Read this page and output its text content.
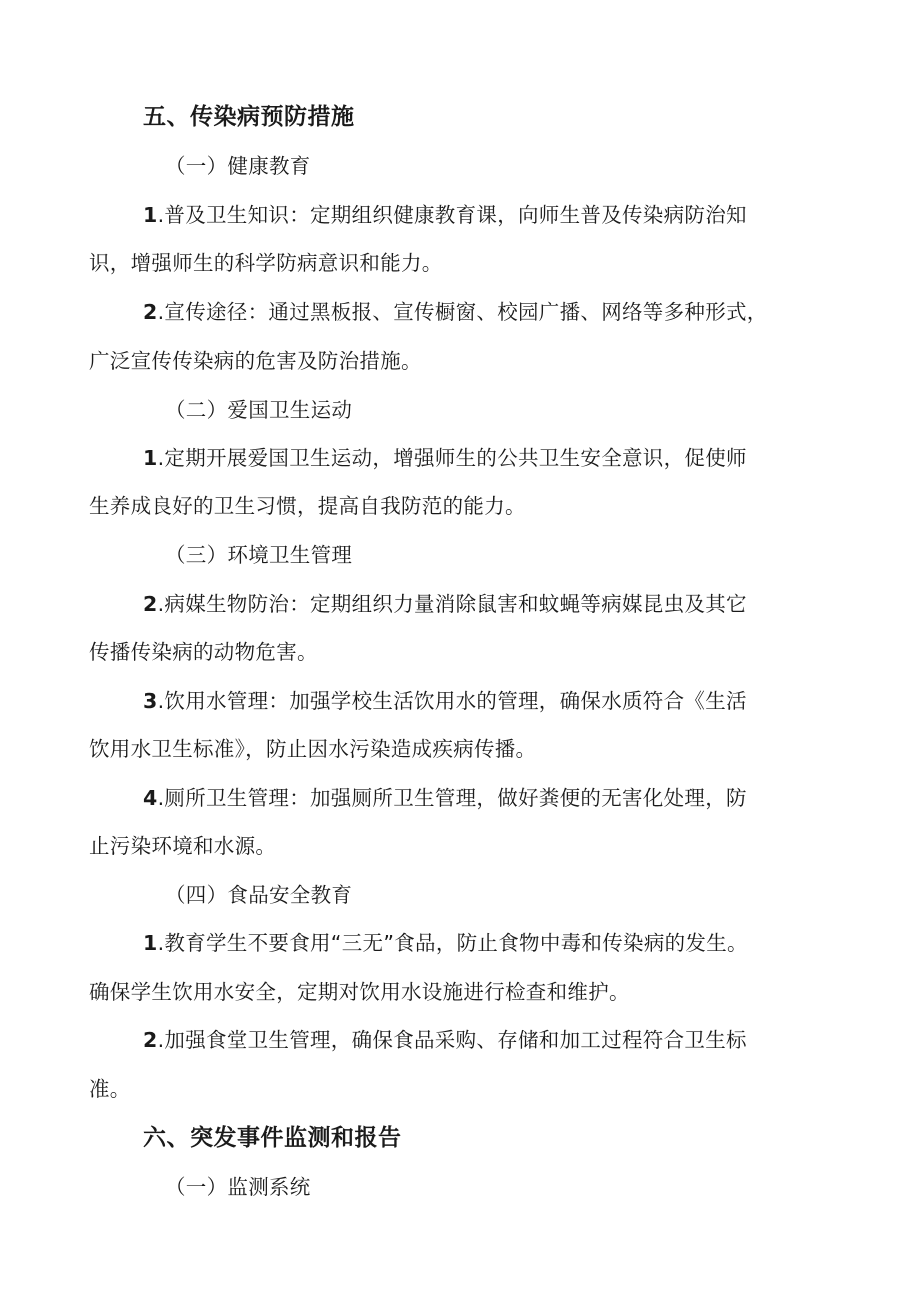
五、传染病预防措施
（一）健康教育
1.普及卫生知识：定期组织健康教育课，向师生普及传染病防治知
识，增强师生的科学防病意识和能力。
2.宣传途径：通过黑板报、宣传橱窗、校园广播、网络等多种形式，
广泛宣传传染病的危害及防治措施。
（二）爱国卫生运动
1.定期开展爱国卫生运动，增强师生的公共卫生安全意识，促使师
生养成良好的卫生习惯，提高自我防范的能力。
（三）环境卫生管理
2.病媒生物防治：定期组织力量消除鼠害和蚊蝇等病媒昆虫及其它
传播传染病的动物危害。
3.饮用水管理：加强学校生活饮用水的管理，确保水质符合《生活
饮用水卫生标准》，防止因水污染造成疾病传播。
4.厕所卫生管理：加强厕所卫生管理，做好粪便的无害化处理，防
止污染环境和水源。
（四）食品安全教育
1.教育学生不要食用“三无”食品，防止食物中毒和传染病的发生。
确保学生饮用水安全，定期对饮用水设施进行检查和维护。
2.加强食堂卫生管理，确保食品采购、存储和加工过程符合卫生标
准。
六、突发事件监测和报告
（一）监测系统
